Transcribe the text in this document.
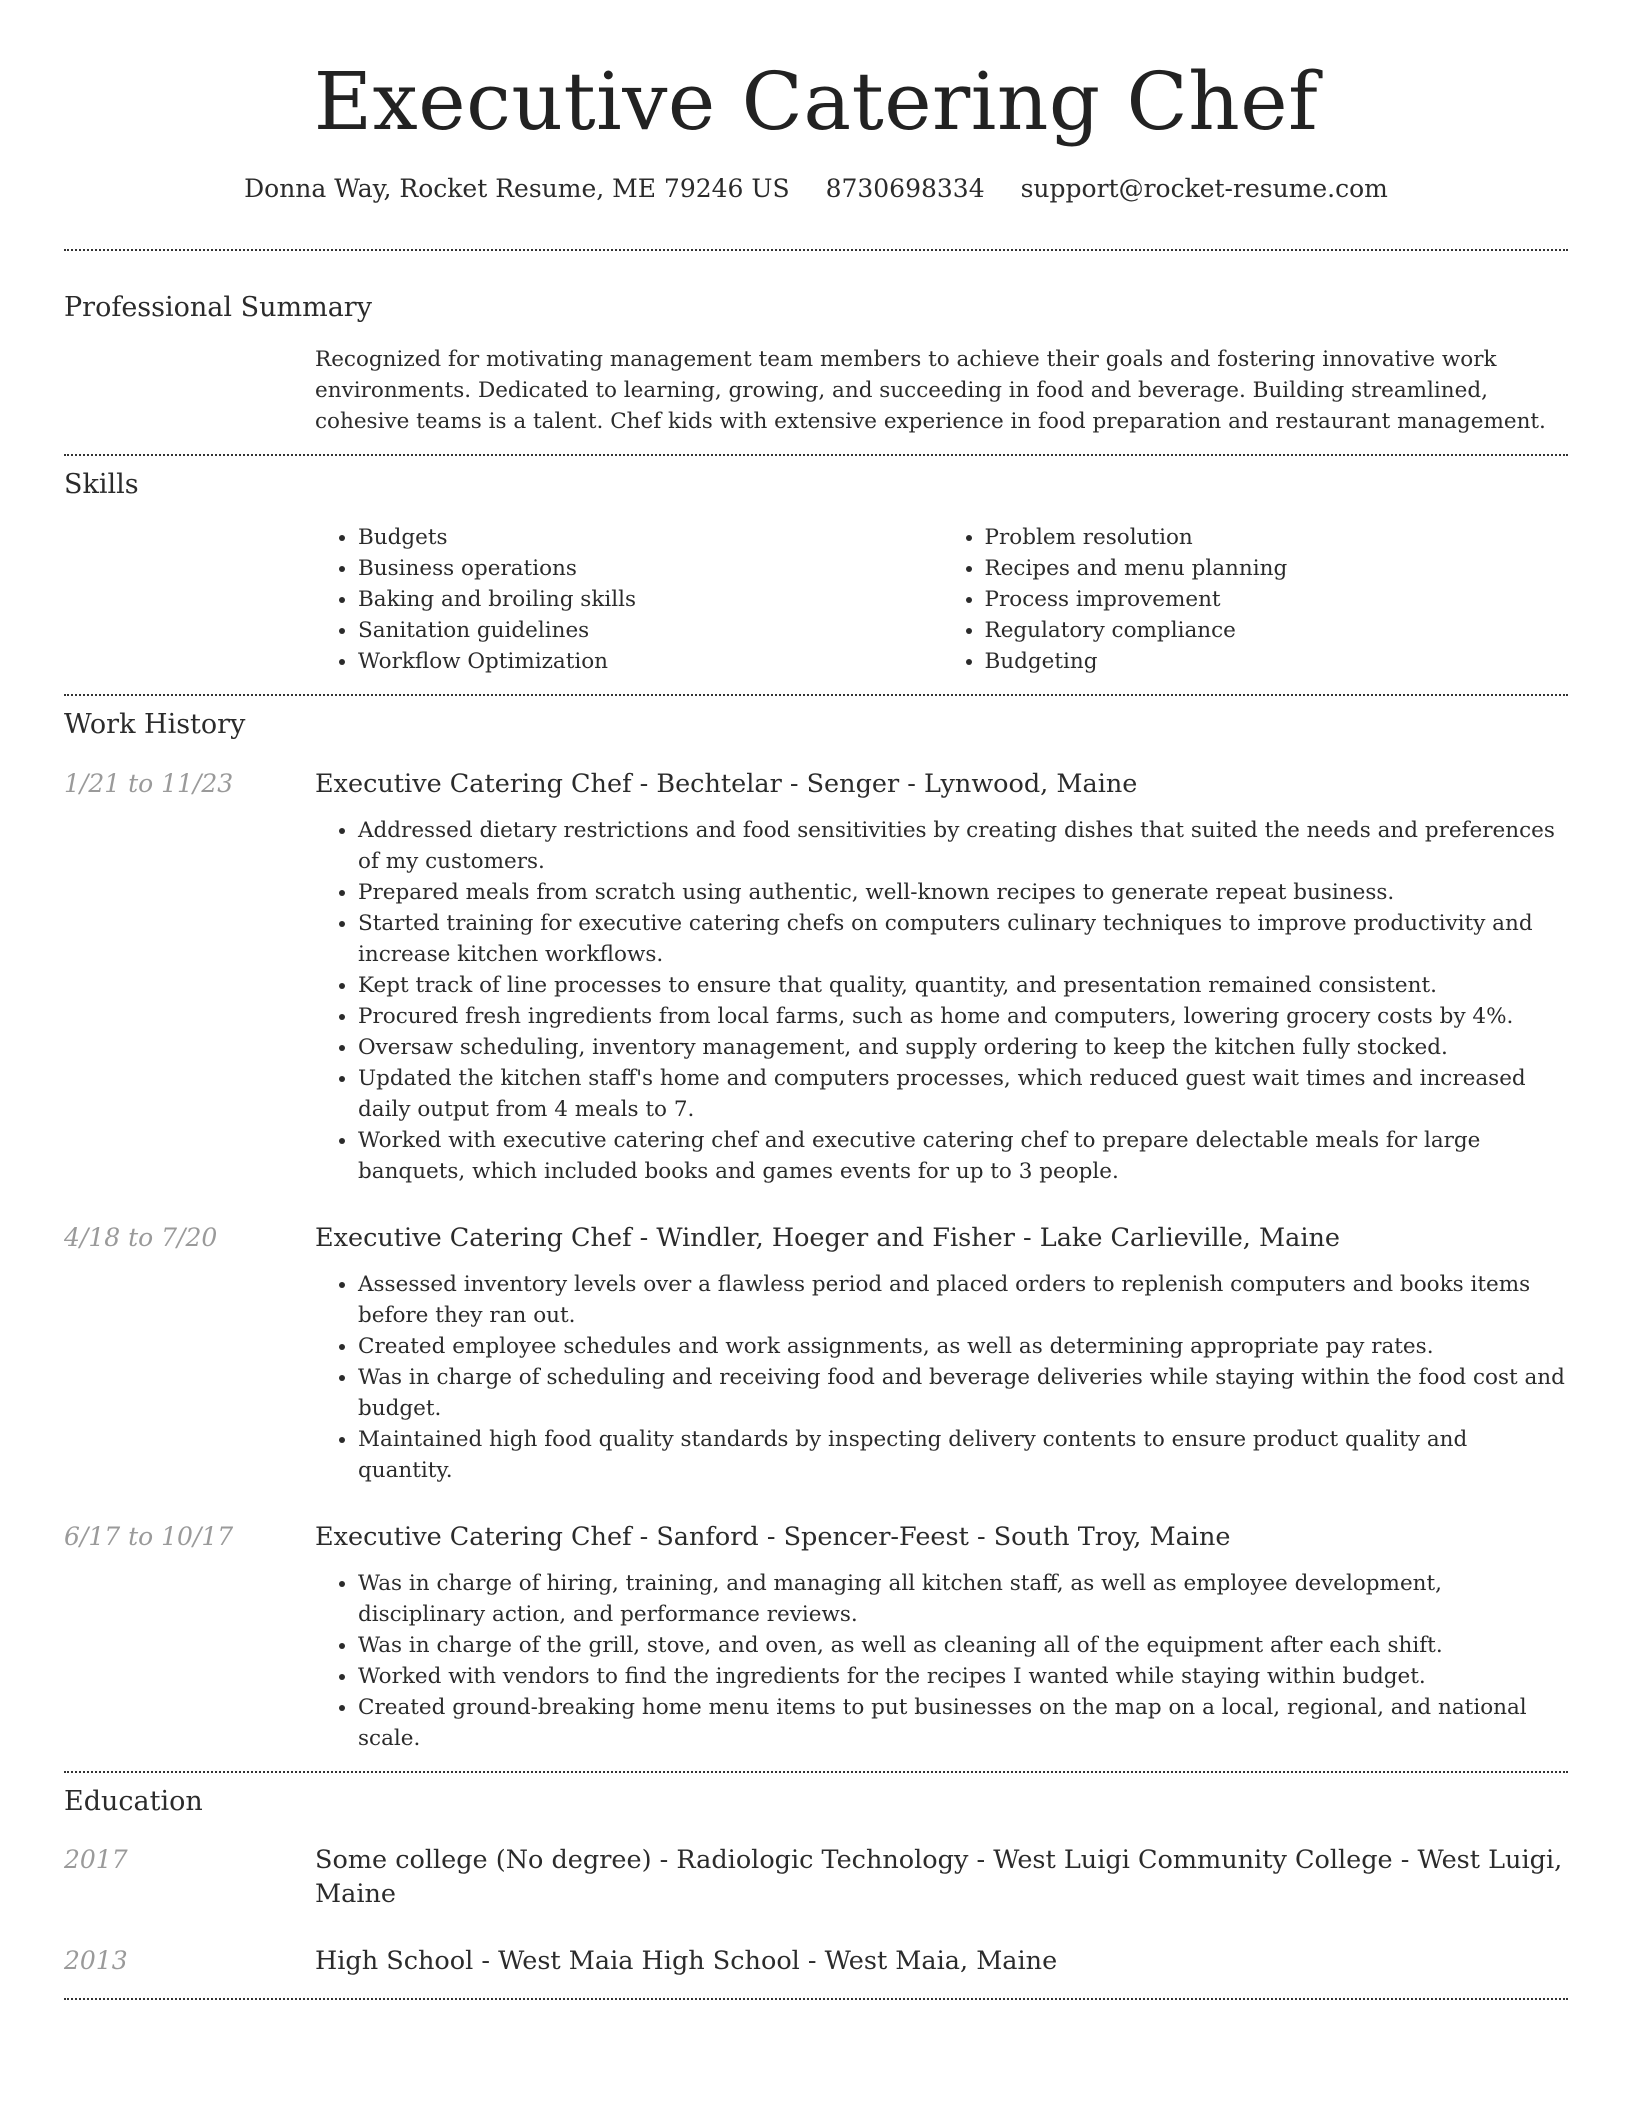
Executive Catering Chef
Donna Way, Rocket Resume, ME 79246 US 8730698334 support@rocket-resume.com
Professional Summary

Recognized for motivating management team members to achieve their goals and fostering innovative work environments. Dedicated to learning, growing, and succeeding in food and beverage. Building streamlined, cohesive teams is a talent. Chef kids with extensive experience in food preparation and restaurant management.

Skills
• Budgets
• Business operations
• Baking and broiling skills
• Sanitation guidelines
• Workflow Optimization
• Problem resolution
• Recipes and menu planning
• Process improvement
• Regulatory compliance
• Budgeting
Work History
1/21 to 11/23	Executive Catering Chef - Bechtelar - Senger - Lynwood, Maine
• Addressed dietary restrictions and food sensitivities by creating dishes that suited the needs and preferences of my customers.
• Prepared meals from scratch using authentic, well-known recipes to generate repeat business.
• Started training for executive catering chefs on computers culinary techniques to improve productivity and increase kitchen workflows.
• Kept track of line processes to ensure that quality, quantity, and presentation remained consistent.
• Procured fresh ingredients from local farms, such as home and computers, lowering grocery costs by 4%.
• Oversaw scheduling, inventory management, and supply ordering to keep the kitchen fully stocked.
• Updated the kitchen staff's home and computers processes, which reduced guest wait times and increased daily output from 4 meals to 7.
• Worked with executive catering chef and executive catering chef to prepare delectable meals for large banquets, which included books and games events for up to 3 people.
4/18 to 7/20	Executive Catering Chef - Windler, Hoeger and Fisher - Lake Carlieville, Maine
• Assessed inventory levels over a flawless period and placed orders to replenish computers and books items before they ran out.
• Created employee schedules and work assignments, as well as determining appropriate pay rates.
• Was in charge of scheduling and receiving food and beverage deliveries while staying within the food cost and budget.
• Maintained high food quality standards by inspecting delivery contents to ensure product quality and quantity.
6/17 to 10/17	Executive Catering Chef - Sanford - Spencer-Feest - South Troy, Maine
• Was in charge of hiring, training, and managing all kitchen staff, as well as employee development, disciplinary action, and performance reviews.
• Was in charge of the grill, stove, and oven, as well as cleaning all of the equipment after each shift.
• Worked with vendors to find the ingredients for the recipes I wanted while staying within budget.
• Created ground-breaking home menu items to put businesses on the map on a local, regional, and national scale.
Education
2017	Some college (No degree) - Radiologic Technology - West Luigi Community College - West Luigi, Maine
2013	High School - West Maia High School - West Maia, Maine
